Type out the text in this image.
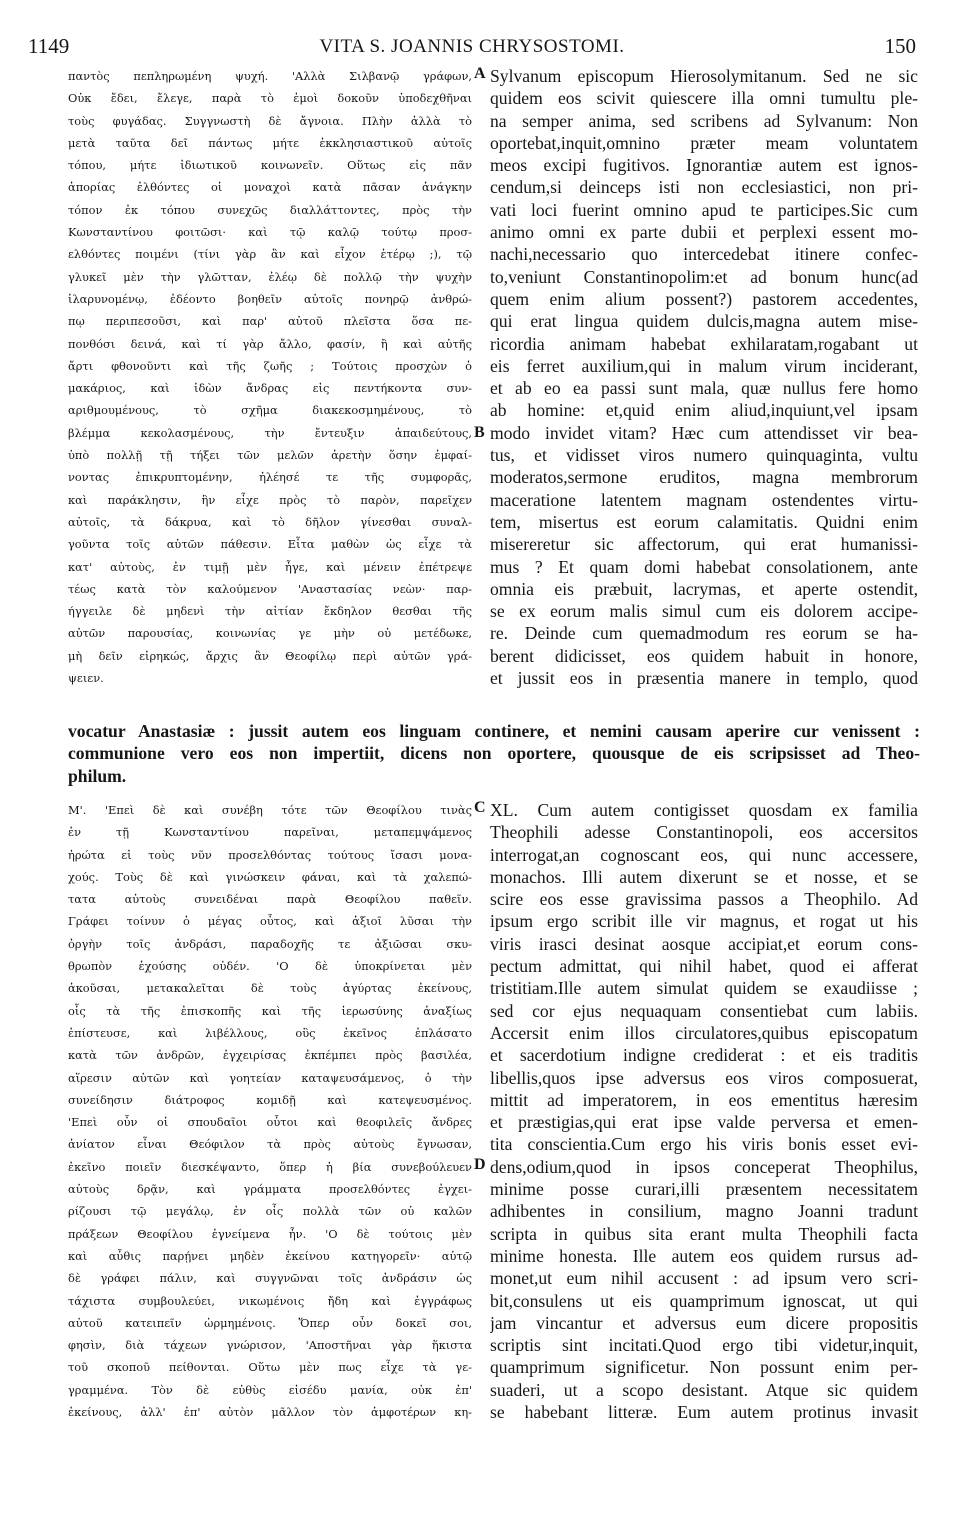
1149	VITA S. JOANNIS CHRYSOSTOMI.	150
παντὸς πεπληρωμένη ψυχή. 'Αλλὰ Σιλβανῷ γράφων,
Οὐκ ἔδει, ἔλεγε, παρὰ τὸ ἐμοὶ δοκοῦν ὑποδεχθῆναι
τοὺς φυγάδας. Συγγνωστὴ δὲ ἄγνοια. Πλὴν ἀλλὰ τὸ
μετὰ ταῦτα δεῖ πάντως μήτε ἐκκλησιαστικοῦ αὐτοῖς
τόπου, μήτε ἰδιωτικοῦ κοινωνεῖν. Οὕτως εἰς πᾶν
ἀπορίας ἐλθόντες οἱ μοναχοὶ κατὰ πᾶσαν ἀνάγκην
τόπον ἐκ τόπου συνεχῶς διαλλάττοντες, πρὸς τὴν
Κωνσταντίνου φοιτῶσι· καὶ τῷ καλῷ τούτῳ προσ-
ελθόντες ποιμένι (τίνι γὰρ ἂν καὶ εἶχον ἑτέρῳ ;), τῷ
γλυκεῖ μὲν τὴν γλῶτταν, ἐλέῳ δὲ πολλῷ τὴν ψυχὴν
ἱλαρυνομένῳ, ἐδέοντο βοηθεῖν αὐτοῖς πονηρῷ ἀνθρώ-
πῳ περιπεσοῦσι, καὶ παρ' αὐτοῦ πλεῖστα ὅσα πε-
πονθόσι δεινά, καὶ τί γὰρ ἄλλο, φασίν, ἢ καὶ αὐτῆς
ἄρτι φθονοῦντι καὶ τῆς ζωῆς ; Τούτοις προσχὼν ὁ
μακάριος, καὶ ἰδὼν ἄνδρας εἰς πεντήκοντα συν-
αριθμουμένους, τὸ σχῆμα διακεκοσμημένους, τὸ
βλέμμα κεκολασμένους, τὴν ἔντευξιν ἀπαιδεύτους,
ὑπὸ πολλῇ τῇ τήξει τῶν μελῶν ἀρετὴν ὅσην ἐμφαί-
νοντας ἐπικρυπτομένην, ἠλέησέ τε τῆς συμφορᾶς,
καὶ παράκλησιν, ἣν εἶχε πρὸς τὸ παρὸν, παρεῖχεν
αὐτοῖς, τὰ δάκρυα, καὶ τὸ δῆλον γίνεσθαι συναλ-
γοῦντα τοῖς αὐτῶν πάθεσιν. Εἶτα μαθὼν ὡς εἶχε τὰ
κατ' αὐτοὺς, ἐν τιμῇ μὲν ἦγε, καὶ μένειν ἐπέτρεψε
τέως κατὰ τὸν καλούμενον 'Αναστασίας νεὼν· παρ-
ήγγειλε δὲ μηδενὶ τὴν αἰτίαν ἔκδηλον θεσθαι τῆς
αὐτῶν παρουσίας, κοινωνίας γε μὴν οὐ μετέδωκε,
μὴ δεῖν εἰρηκώς, ἄρχις ἂν Θεοφίλῳ περὶ αὐτῶν γρά-
ψειεν.
Sylvanum episcopum Hierosolymitanum. Sed ne sic
quidem eos scivit quiescere illa omni tumultu ple-
na semper anima, sed scribens ad Sylvanum: Non
oportebat,inquit,omnino præter meam voluntatem
meos excipi fugitivos. Ignorantiæ autem est ignos-
cendum,si deinceps isti non ecclesiastici, non pri-
vati loci fuerint omnino apud te participes.Sic cum
animo omni ex parte dubii et perplexi essent mo-
nachi,necessario quo intercedebat itinere confec-
to,veniunt Constantinopolim:et ad bonum hunc(ad
quem enim alium possent?) pastorem accedentes,
qui erat lingua quidem dulcis,magna autem mise-
ricordia animam habebat exhilaratam,rogabant ut
eis ferret auxilium,qui in malum virum inciderant,
et ab eo ea passi sunt mala, quæ nullus fere homo
ab homine: et,quid enim aliud,inquiunt,vel ipsam
modo invidet vitam? Hæc cum attendisset vir bea-
tus, et vidisset viros numero quinquaginta, vultu
moderatos,sermone eruditos, magna membrorum
maceratione latentem magnam ostendentes virtu-
tem, misertus est eorum calamitatis. Quidni enim
misereretur sic affectorum, qui erat humanissi-
mus ? Et quam domi habebat consolationem, ante
omnia eis præbuit, lacrymas, et aperte ostendit,
se ex eorum malis simul cum eis dolorem accipe-
re. Deinde cum quemadmodum res eorum se ha-
berent didicisset, eos quidem habuit in honore,
et jussit eos in præsentia manere in templo, quod
A
B
vocatur Anastasiæ : jussit autem eos linguam continere, et nemini causam aperire cur venissent :
communione vero eos non impertiit, dicens non oportere, quousque de eis scripsisset ad Theo-
philum.
Μ'. 'Επεὶ δὲ καὶ συνέβη τότε τῶν Θεοφίλου τινὰς
ἐν τῇ Κωνσταντίνου παρεῖναι, μεταπεμψάμενος
ἠρώτα εἰ τοὺς νῦν προσελθόντας τούτους ἴσασι μονα-
χούς. Τοὺς δὲ καὶ γινώσκειν φάναι, καὶ τὰ χαλεπώ-
τατα αὐτοὺς συνειδέναι παρὰ Θεοφίλου παθεῖν.
Γράφει τοίνυν ὁ μέγας οὗτος, καὶ ἀξιοῖ λῦσαι τὴν
ὀργὴν τοῖς ἀνδράσι, παραδοχῆς τε ἀξιῶσαι σκυ-
θρωπὸν ἐχούσης οὐδέν. 'Ο δὲ ὑποκρίνεται μὲν
ἀκοῦσαι, μετακαλεῖται δὲ τοὺς ἀγύρτας ἐκείνους,
οἷς τὰ τῆς ἐπισκοπῆς καὶ τῆς ἱερωσύνης ἀναξίως
ἐπίστευσε, καὶ λιβέλλους, οὓς ἐκεῖνος ἐπλάσατο
κατὰ τῶν ἀνδρῶν, ἐγχειρίσας ἐκπέμπει πρὸς βασιλέα,
αἵρεσιν αὐτῶν καὶ γοητείαν καταψευσάμενος, ὁ τὴν
συνείδησιν διάτροφος κομιδῇ καὶ κατεψευσμένος.
'Επεὶ οὖν οἱ σπουδαῖοι οὗτοι καὶ θεοφιλεῖς ἄνδρες
ἀνίατον εἶναι Θεόφιλον τὰ πρὸς αὐτοὺς ἔγνωσαν,
ἐκεῖνο ποιεῖν διεσκέψαντο, ὅπερ ἡ βία συνεβούλευεν
αὐτοὺς δρᾷν, καὶ γράμματα προσελθόντες ἐγχει-
ρίζουσι τῷ μεγάλῳ, ἐν οἷς πολλὰ τῶν οὐ καλῶν
πράξεων Θεοφίλου ἐγνείμενα ἦν. 'Ο δὲ τούτοις μὲν
καὶ αὖθις παρῄνει μηδὲν ἐκείνου κατηγορεῖν· αὐτῷ
δὲ γράφει πάλιν, καὶ συγγνῶναι τοῖς ἀνδράσιν ὡς
τάχιστα συμβουλεύει, νικωμένοις ἤδη καὶ ἐγγράφως
αὐτοῦ κατειπεῖν ὡρμημένοις. Ὅπερ οὖν δοκεῖ σοι,
φησὶν, διὰ τάχεων γνώρισον, 'Αποστῆναι γὰρ ἥκιστα
τοῦ σκοποῦ πείθονται. Οὕτω μὲν πως εἶχε τὰ γε-
γραμμένα. Τὸν δὲ εὐθὺς εἰσέδυ μανία, οὐκ ἐπ'
ἐκείνους, ἀλλ' ἐπ' αὐτὸν μᾶλλον τὸν ἀμφοτέρων κη-
XL. Cum autem contigisset quosdam ex familia
Theophili adesse Constantinopoli, eos accersitos
interrogat,an cognoscant eos, qui nunc accessere,
monachos. Illi autem dixerunt se et nosse, et se
scire eos esse gravissima passos a Theophilo. Ad
ipsum ergo scribit ille vir magnus, et rogat ut his
viris irasci desinat aosque accipiat,et eorum cons-
pectum admittat, qui nihil habet, quod ei afferat
tristitiam.Ille autem simulat quidem se exaudiisse ;
sed cor ejus nequaquam consentiebat cum labiis.
Accersit enim illos circulatores,quibus episcopatum
et sacerdotium indigne crediderat : et eis traditis
libellis,quos ipse adversus eos viros composuerat,
mittit ad imperatorem, in eos ementitus hæresim
et præstigias,qui erat ipse valde perversa et emen-
tita conscientia.Cum ergo his viris bonis esset evi-
dens,odium,quod in ipsos conceperat Theophilus,
minime posse curari,illi præsentem necessitatem
adhibentes in consilium, magno Joanni tradunt
scripta in quibus sita erant multa Theophili facta
minime honesta. Ille autem eos quidem rursus ad-
monet,ut eum nihil accusent : ad ipsum vero scri-
bit,consulens ut eis quamprimum ignoscat, ut qui
jam vincantur et adversus eum dicere propositis
scriptis sint incitati.Quod ergo tibi videtur,inquit,
quamprimum significetur. Non possunt enim per-
suaderi, ut a scopo desistant. Atque sic quidem
se habebant litteræ. Eum autem protinus invasit
C
D
